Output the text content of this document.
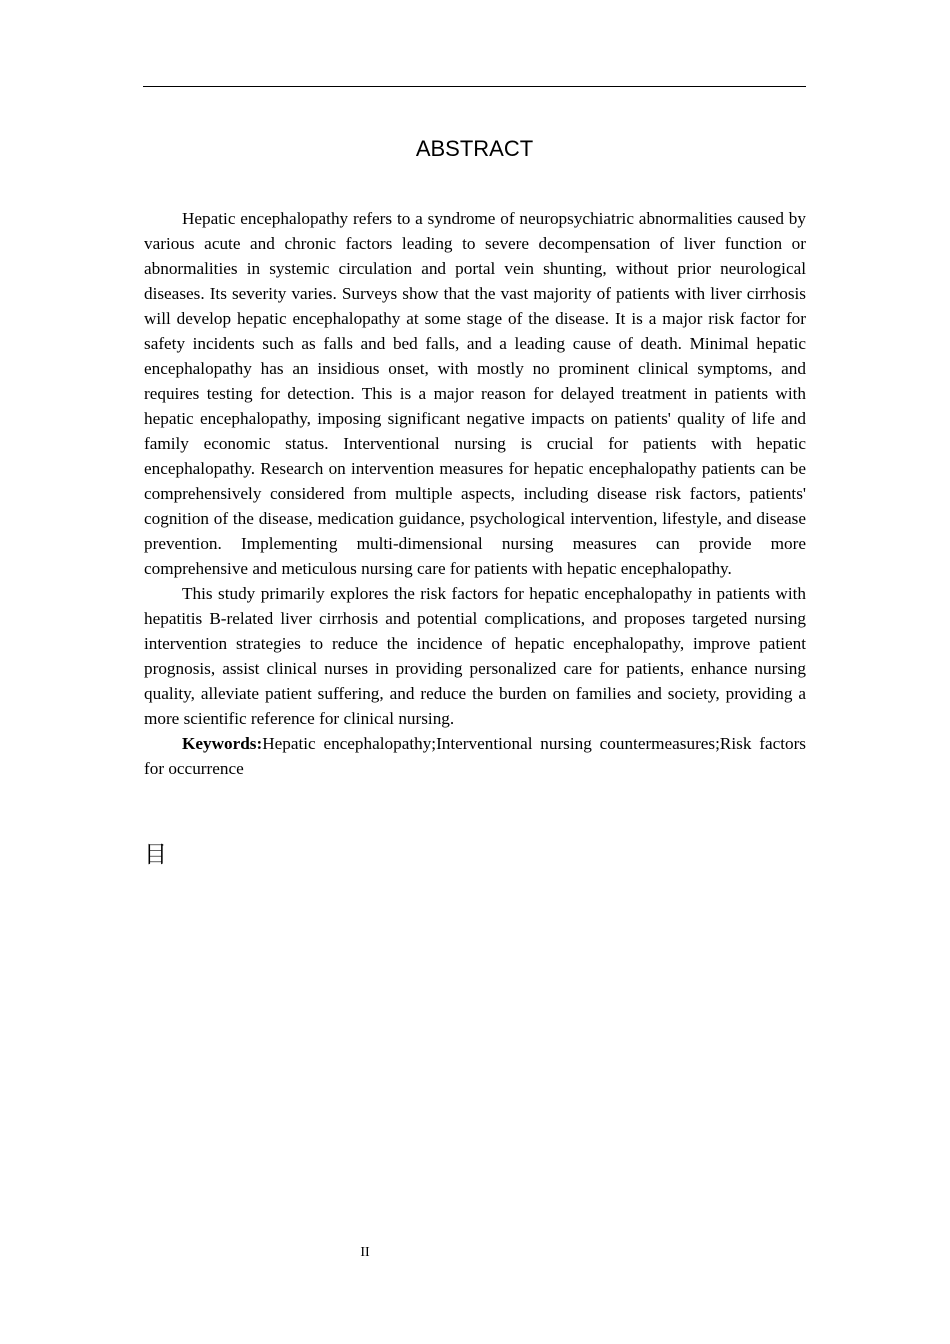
ABSTRACT

Hepatic encephalopathy refers to a syndrome of neuropsychiatric abnormalities caused by various acute and chronic factors leading to severe decompensation of liver function or abnormalities in systemic circulation and portal vein shunting, without prior neurological diseases. Its severity varies. Surveys show that the vast majority of patients with liver cirrhosis will develop hepatic encephalopathy at some stage of the disease. It is a major risk factor for safety incidents such as falls and bed falls, and a leading cause of death. Minimal hepatic encephalopathy has an insidious onset, with mostly no prominent clinical symptoms, and requires testing for detection. This is a major reason for delayed treatment in patients with hepatic encephalopathy, imposing significant negative impacts on patients' quality of life and family economic status. Interventional nursing is crucial for patients with hepatic encephalopathy. Research on intervention measures for hepatic encephalopathy patients can be comprehensively considered from multiple aspects, including disease risk factors, patients' cognition of the disease, medication guidance, psychological intervention, lifestyle, and disease prevention. Implementing multi-dimensional nursing measures can provide more comprehensive and meticulous nursing care for patients with hepatic encephalopathy.

This study primarily explores the risk factors for hepatic encephalopathy in patients with hepatitis B-related liver cirrhosis and potential complications, and proposes targeted nursing intervention strategies to reduce the incidence of hepatic encephalopathy, improve patient prognosis, assist clinical nurses in providing personalized care for patients, enhance nursing quality, alleviate patient suffering, and reduce the burden on families and society, providing a more scientific reference for clinical nursing.

Keywords:Hepatic encephalopathy;Interventional nursing countermeasures;Risk factors for occurrence

目
II
